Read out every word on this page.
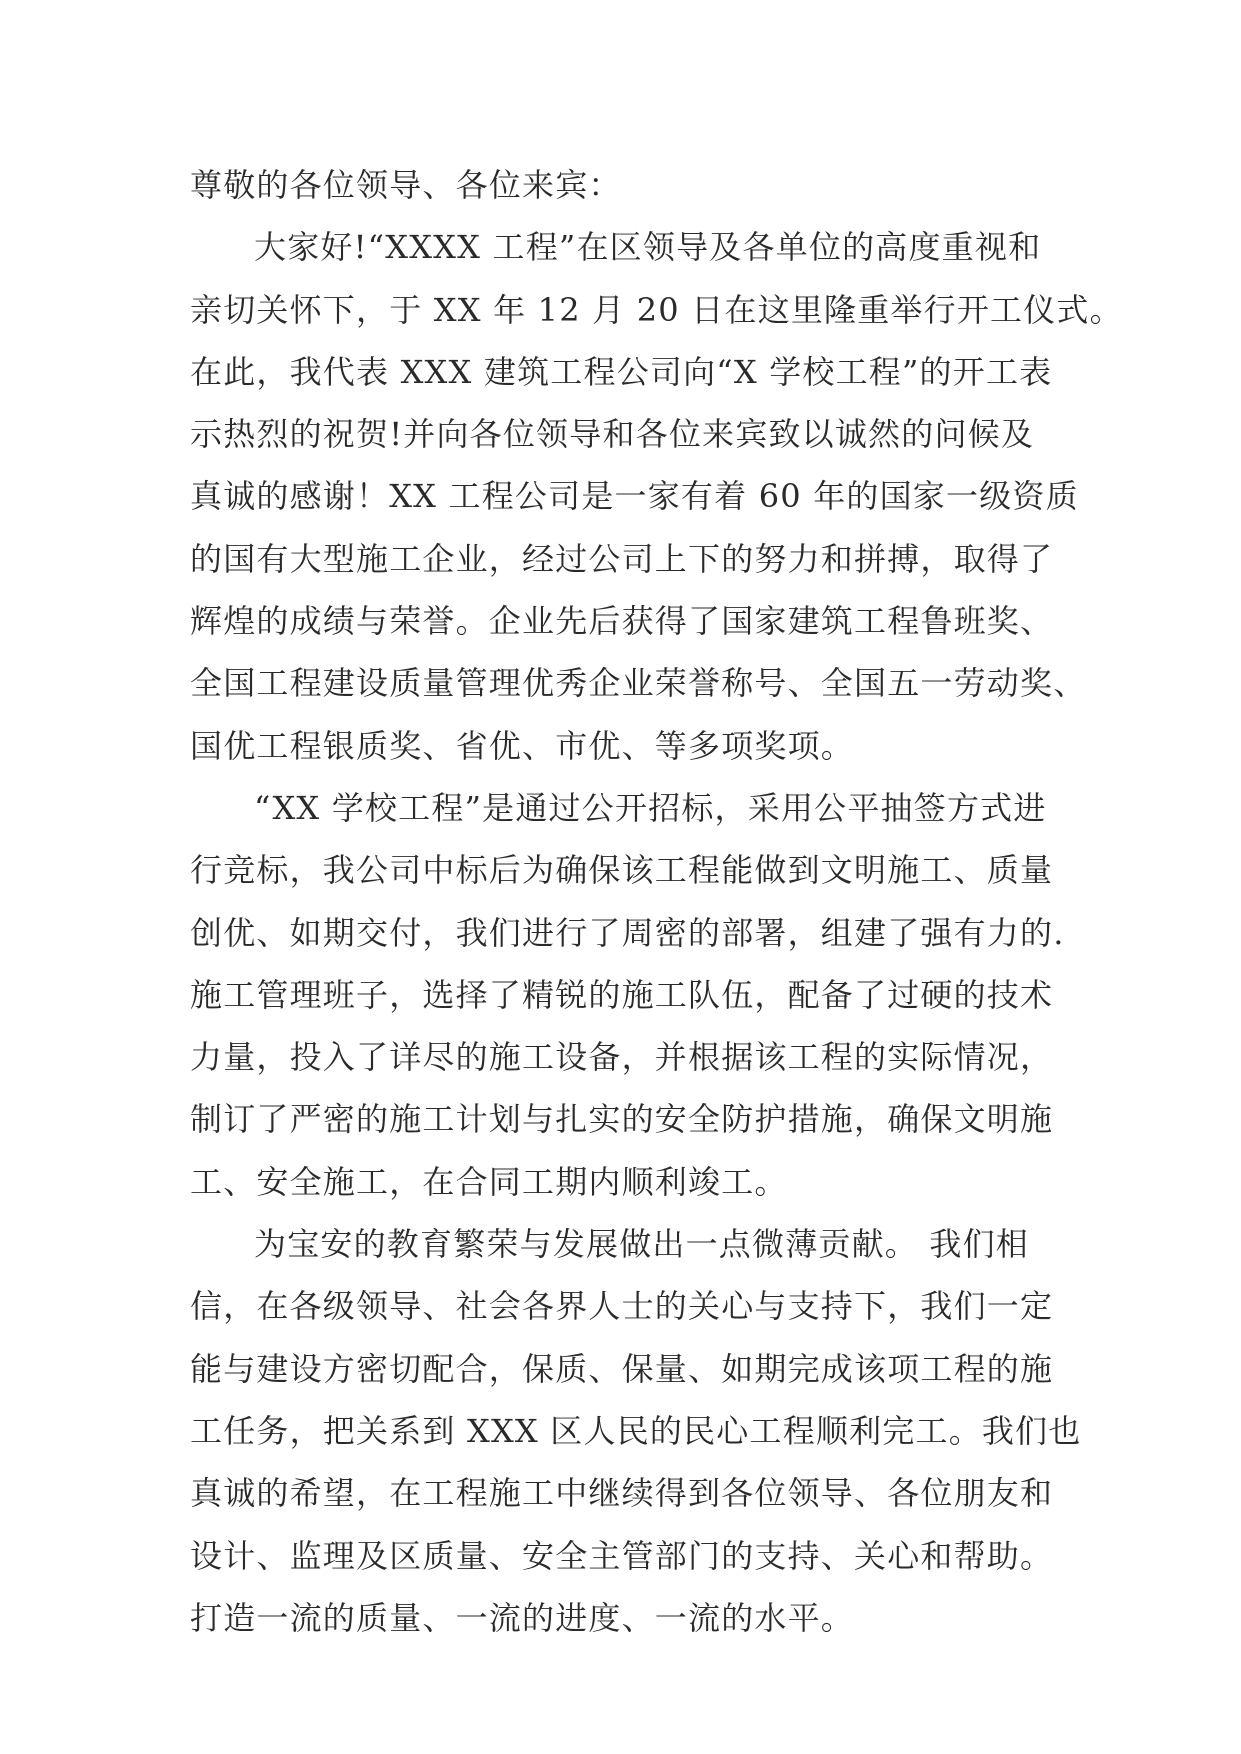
尊敬的各位领导、各位来宾：
大家好!“XXXX 工程”在区领导及各单位的高度重视和
亲切关怀下，于 XX 年 12 月 20 日在这里隆重举行开工仪式。
在此，我代表 XXX 建筑工程公司向“X 学校工程”的开工表
示热烈的祝贺!并向各位领导和各位来宾致以诚然的问候及
真诚的感谢！XX 工程公司是一家有着 60 年的国家一级资质
的国有大型施工企业，经过公司上下的努力和拼搏，取得了
辉煌的成绩与荣誉。企业先后获得了国家建筑工程鲁班奖、
全国工程建设质量管理优秀企业荣誉称号、全国五一劳动奖、
国优工程银质奖、省优、市优、等多项奖项。
“XX 学校工程”是通过公开招标，采用公平抽签方式进
行竞标，我公司中标后为确保该工程能做到文明施工、质量
创优、如期交付，我们进行了周密的部署，组建了强有力的.
施工管理班子，选择了精锐的施工队伍，配备了过硬的技术
力量，投入了详尽的施工设备，并根据该工程的实际情况，
制订了严密的施工计划与扎实的安全防护措施，确保文明施
工、安全施工，在合同工期内顺利竣工。
为宝安的教育繁荣与发展做出一点微薄贡献。 我们相
信，在各级领导、社会各界人士的关心与支持下，我们一定
能与建设方密切配合，保质、保量、如期完成该项工程的施
工任务，把关系到 XXX 区人民的民心工程顺利完工。我们也
真诚的希望，在工程施工中继续得到各位领导、各位朋友和
设计、监理及区质量、安全主管部门的支持、关心和帮助。
打造一流的质量、一流的进度、一流的水平。
